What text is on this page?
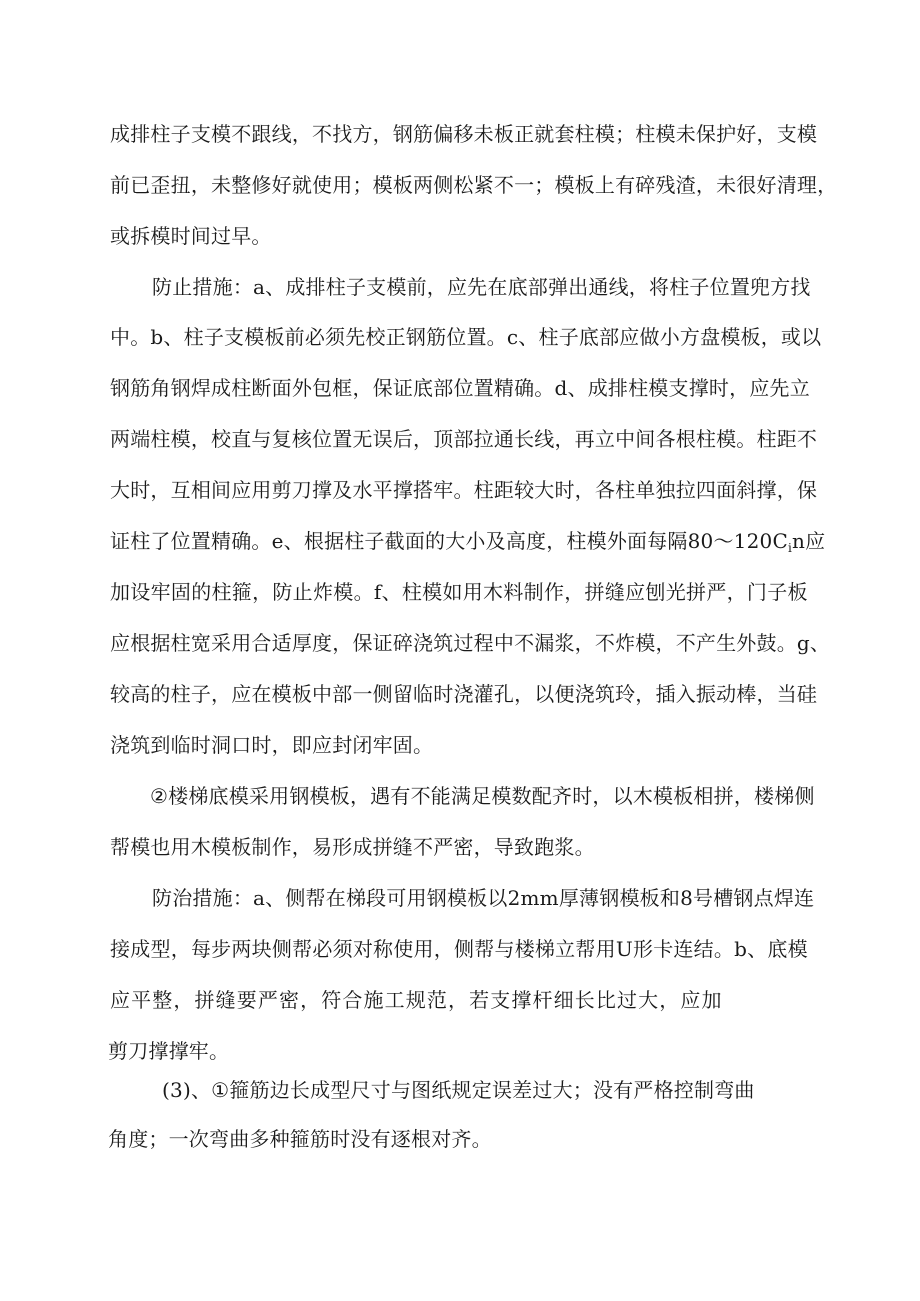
成 排 柱 子 支 模 不 跟 线 ， 不 找 方 ， 钢 筋 偏 移 未 板 正 就 套 柱 模 ； 柱 模 未 保 护 好 ， 支 模
前 已 歪 扭 ， 未 整 修 好 就 使 用 ； 模 板 两 侧 松 紧 不 一 ； 模 板 上 有 碎 残 渣 ， 未 很 好 清 理 ，
或拆模时间过早。
防 止 措 施 ： a 、 成 排 柱 子 支 模 前 ， 应 先 在 底 部 弹 出 通 线 ， 将 柱 子 位 置 兜 方 找
中 。 b 、 柱 子 支 模 板 前 必 须 先 校 正 钢 筋 位 置 。 c 、 柱 子 底 部 应 做 小 方 盘 模 板 ， 或 以
钢 筋 角 钢 焊 成 柱 断 面 外 包 框 ， 保 证 底 部 位 置 精 确 。 d 、 成 排 柱 模 支 撑 时 ， 应 先 立
两 端 柱 模 ， 校 直 与 复 核 位 置 无 误 后 ， 顶 部 拉 通 长 线 ， 再 立 中 间 各 根 柱 模 。 柱 距 不
大 时 ， 互 相 间 应 用 剪 刀 撑 及 水 平 撑 搭 牢 。 柱 距 较 大 时 ， 各 柱 单 独 拉 四 面 斜 撑 ， 保
证柱了位置精确。e、根据柱子截面的大小及高度，柱模外面每隔$80\sim 120C_in$应
加 设 牢 固 的 柱 箍 ， 防 止 炸 模 。 f 、 柱 模 如 用 木 料 制 作 ， 拼 缝 应 刨 光 拼 严 ， 门 子 板
应 根 据 柱 宽 采 用 合 适 厚 度 ， 保 证 碎 浇 筑 过 程 中 不 漏 浆 ， 不 炸 模 ， 不 产 生 外 鼓 。 g 、
较 高 的 柱 子 ， 应 在 模 板 中 部 一 侧 留 临 时 浇 灌 孔 ， 以 便 浇 筑 玲 ， 插 入 振 动 棒 ， 当 硅
浇筑到临时洞口时，即应封闭牢固。
② 楼 梯 底 模 采 用 钢 模 板 ， 遇 有 不 能 满 足 模 数 配 齐 时 ， 以 木 模 板 相 拼 ， 楼 梯 侧
帮模也用木模板制作，易形成拼缝不严密，导致跑浆。
防 治 措 施 ： a 、 侧 帮 在 梯 段 可 用 钢 模 板 以 2mm 厚 薄 钢 模 板 和 8 号 槽 钢 点 焊 连
接 成 型 ， 每 步 两 块 侧 帮 必 须 对 称 使 用 ， 侧 帮 与 楼 梯 立 帮 用 U 形 卡 连 结 。 b 、 底 模
应 平 整 ， 拼 缝 要 严 密 ， 符 合 施 工 规 范 ， 若 支 撑 杆 细 长 比 过 大 ， 应 加
剪刀撑撑牢。
( 3 ) 、 ① 箍 筋 边 长 成 型 尺 寸 与 图 纸 规 定 误 差 过 大 ； 没 有 严 格 控 制 弯 曲
角度；一次弯曲多种箍筋时没有逐根对齐。
